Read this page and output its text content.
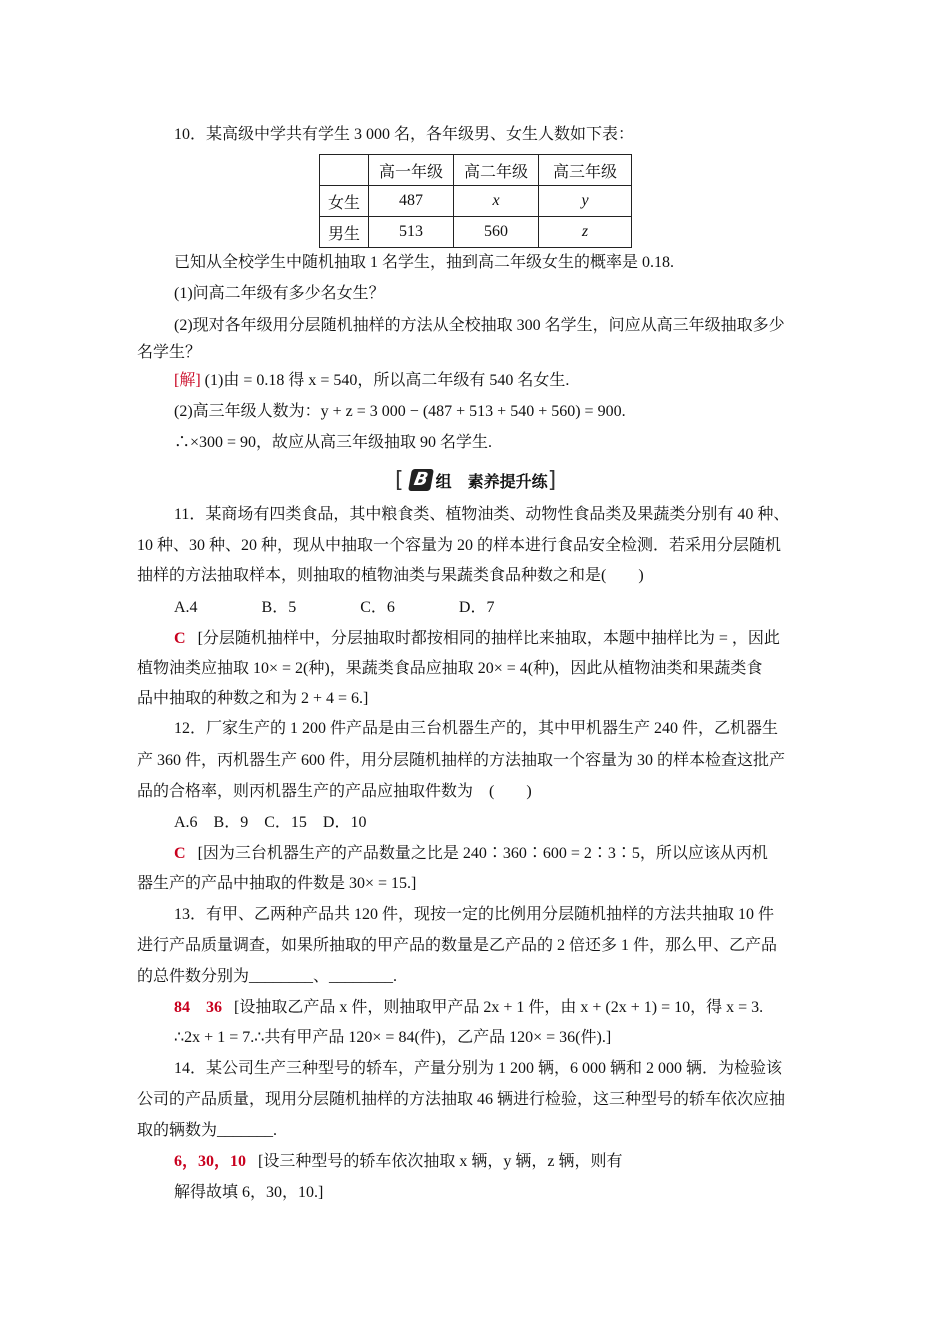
10．某高级中学共有学生 3 000 名，各年级男、女生人数如下表：
	高一年级	高二年级	高三年级
女生	487	x	y
男生	513	560	z
已知从全校学生中随机抽取 1 名学生，抽到高二年级女生的概率是 0.18.
(1)问高二年级有多少名女生？
(2)现对各年级用分层随机抽样的方法从全校抽取 300 名学生，问应从高三年级抽取多少
名学生？
[解] (1)由 = 0.18 得 x = 540，所以高二年级有 540 名女生.
(2)高三年级人数为：y + z = 3 000 − (487 + 513 + 540 + 560) = 900.
∴×300 = 90，故应从高三年级抽取 90 名学生.
[ B 组　素养提升练 ]
11．某商场有四类食品，其中粮食类、植物油类、动物性食品类及果蔬类分别有 40 种、
10 种、30 种、20 种，现从中抽取一个容量为 20 的样本进行食品安全检测．若采用分层随机
抽样的方法抽取样本，则抽取的植物油类与果蔬类食品种数之和是(　　)
A.4　　　　B．5　　　　C．6　　　　D．7
C [分层随机抽样中，分层抽取时都按相同的抽样比来抽取，本题中抽样比为 = ，因此
植物油类应抽取 10× = 2(种)，果蔬类食品应抽取 20× = 4(种)，因此从植物油类和果蔬类食
品中抽取的种数之和为 2 + 4 = 6.]
12．厂家生产的 1 200 件产品是由三台机器生产的，其中甲机器生产 240 件，乙机器生
产 360 件，丙机器生产 600 件，用分层随机抽样的方法抽取一个容量为 30 的样本检查这批产
品的合格率，则丙机器生产的产品应抽取件数为　(　　)
A.6　B．9　C．15　D．10
C [因为三台机器生产的产品数量之比是 240∶360∶600 = 2∶3∶5，所以应该从丙机
器生产的产品中抽取的件数是 30× = 15.]
13．有甲、乙两种产品共 120 件，现按一定的比例用分层随机抽样的方法共抽取 10 件
进行产品质量调查，如果所抽取的甲产品的数量是乙产品的 2 倍还多 1 件，那么甲、乙产品
的总件数分别为________、________.
84　36 [设抽取乙产品 x 件，则抽取甲产品 2x + 1 件，由 x + (2x + 1) = 10，得 x = 3.
∴2x + 1 = 7.∴共有甲产品 120× = 84(件)，乙产品 120× = 36(件).]
14．某公司生产三种型号的轿车，产量分别为 1 200 辆，6 000 辆和 2 000 辆．为检验该
公司的产品质量，现用分层随机抽样的方法抽取 46 辆进行检验，这三种型号的轿车依次应抽
取的辆数为_______.
6，30，10 [设三种型号的轿车依次抽取 x 辆，y 辆，z 辆，则有
解得故填 6，30，10.]
